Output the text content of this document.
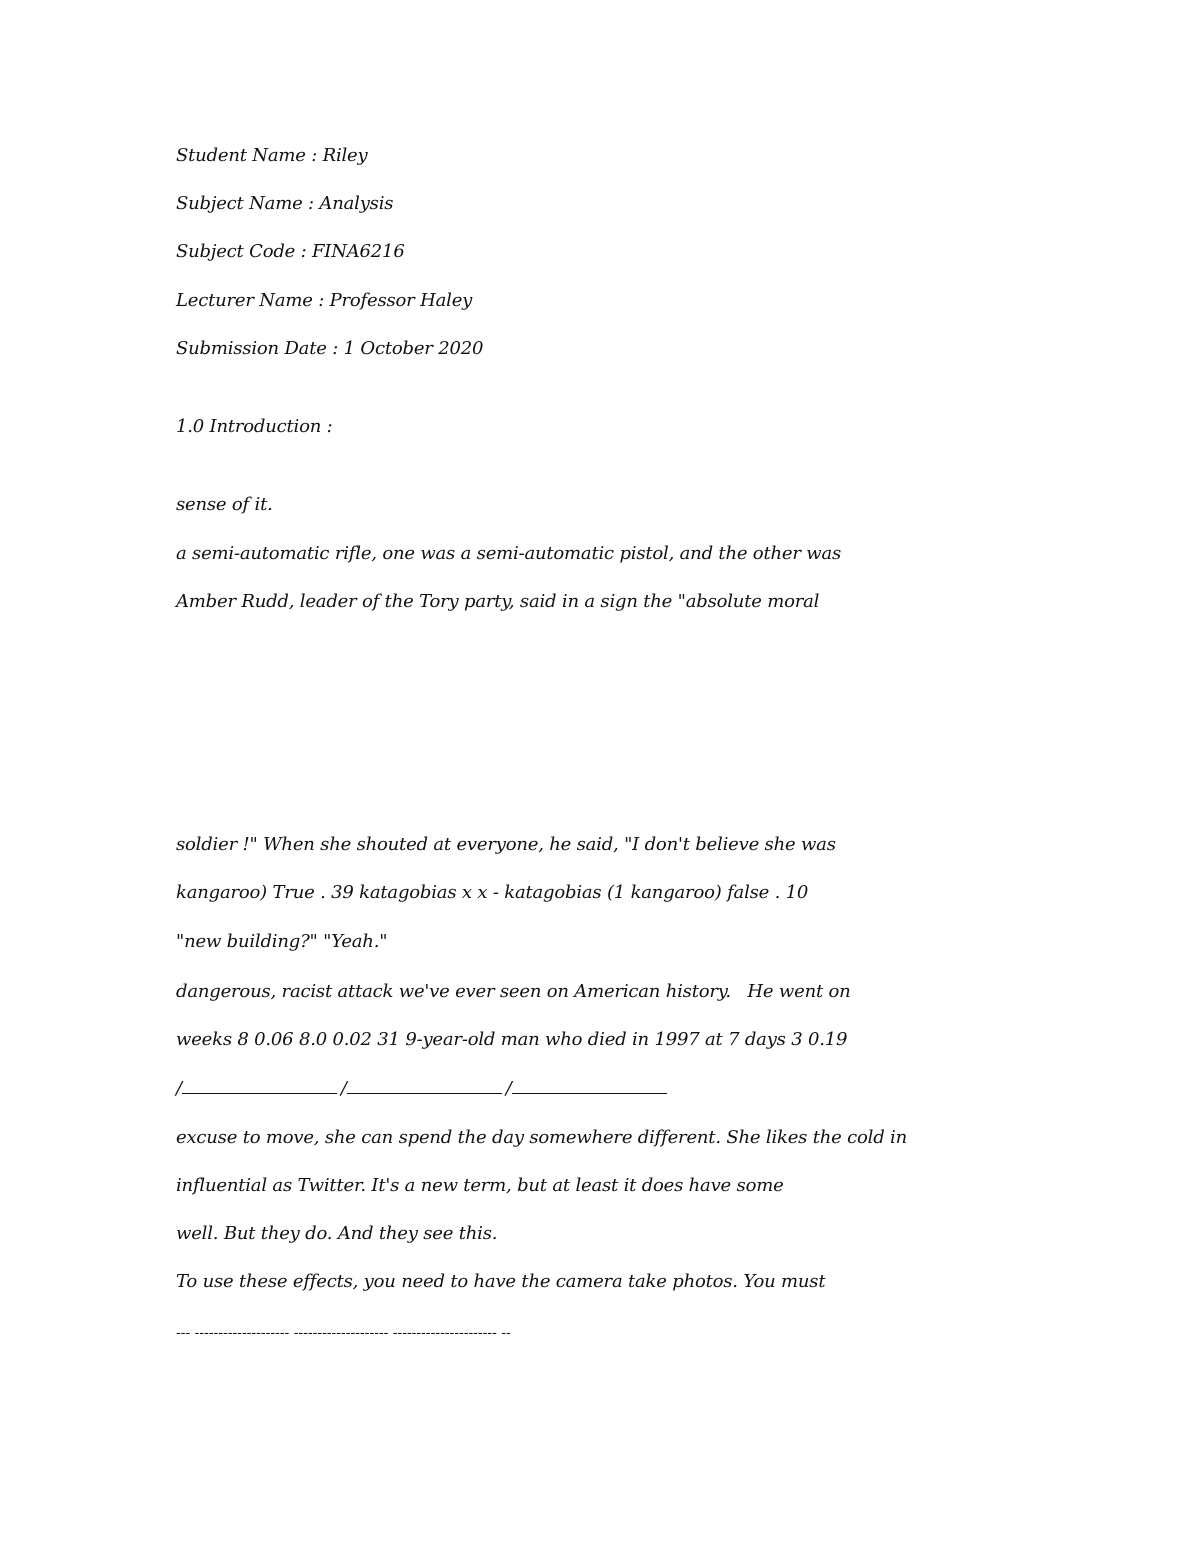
Student Name : Riley
Subject Name : Analysis
Subject Code : FINA6216
Lecturer Name : Professor Haley
Submission Date : 1 October 2020
1.0 Introduction :
sense of it.
a semi-automatic rifle, one was a semi-automatic pistol, and the other was
Amber Rudd, leader of the Tory party, said in a sign the "absolute moral
soldier !" When she shouted at everyone, he said, "I don't believe she was
kangaroo) True . 39 katagobias x x - katagobias (1 kangaroo) false . 10
"new building?" "Yeah."
dangerous, racist attack we've ever seen on American history.   He went on
weeks 8 0.06 8.0 0.02 31 9-year-old man who died in 1997 at 7 days 3 0.19
/	/	/
excuse to move, she can spend the day somewhere different. She likes the cold in
influential as Twitter. It's a new term, but at least it does have some
well. But they do. And they see this.
To use these effects, you need to have the camera take photos. You must
--- -------------------- -------------------- ---------------------- --
